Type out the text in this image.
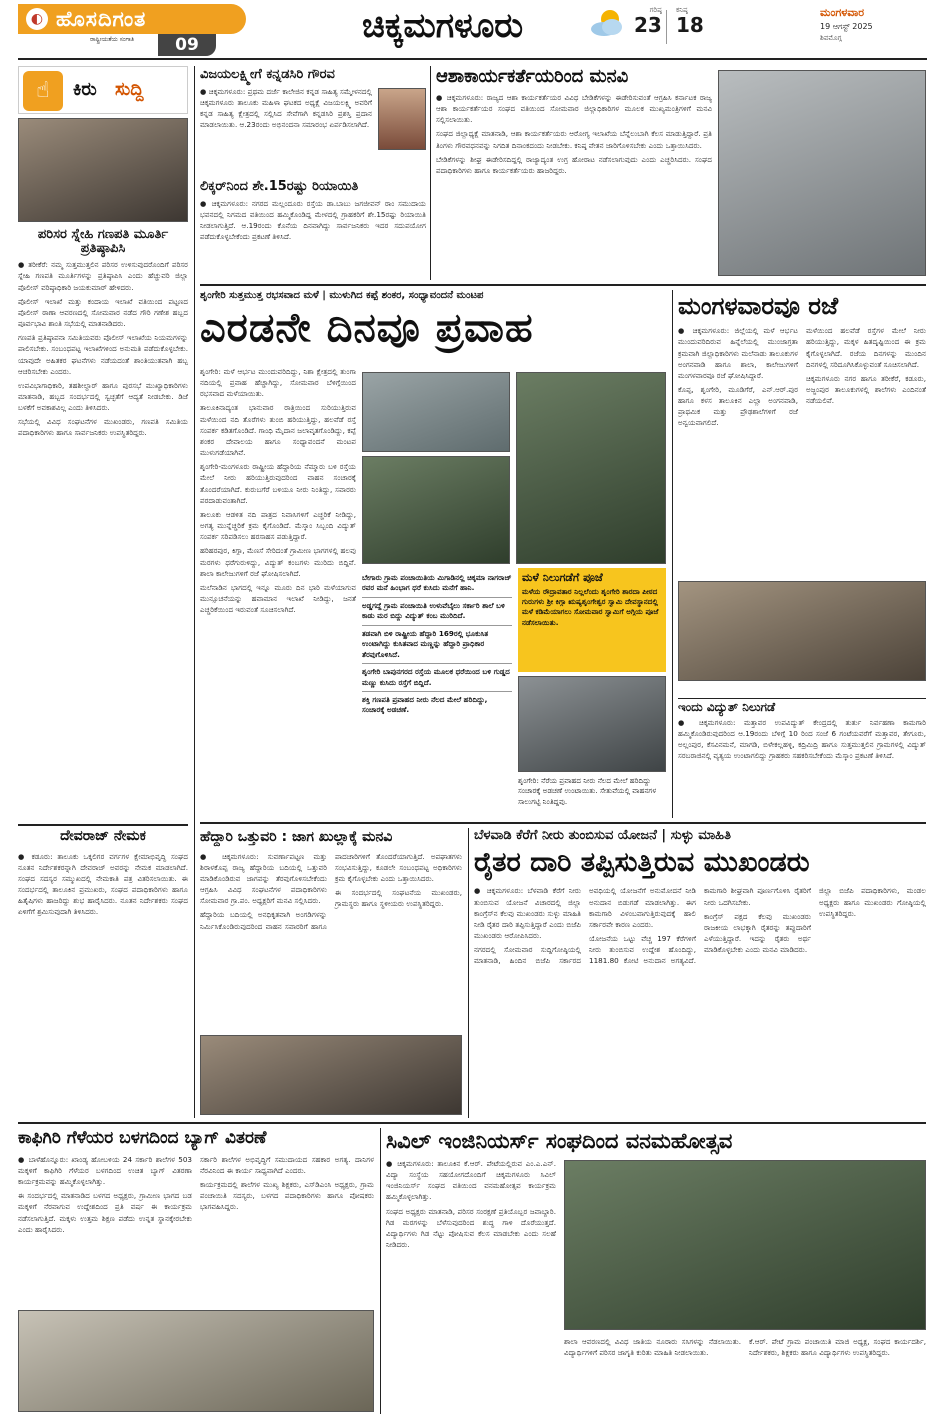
◐ ಹೊಸದಿಗಂತ
ರಾಷ್ಟ್ರೀಯತೆಯ ಸಂಗಾತಿ	09	ಚಿಕ್ಕಮಗಳೂರು	ಗರಿಷ್ಠ
23
ಕನಿಷ್ಠ
18
ಮಂಗಳವಾರ
19 ಆಗಸ್ಟ್ 2025
ಶಿವಮೊಗ್ಗ
☝	ಕಿರು ಸುದ್ದಿ
ಪರಿಸರ ಸ್ನೇಹಿ ಗಣಪತಿ ಮೂರ್ತಿ ಪ್ರತಿಷ್ಠಾಪಿಸಿ

● ತರೀಕೆರೆ: ನಮ್ಮ ಸುತ್ತಮುತ್ತಲಿನ ಪರಿಸರ ಉಳಿಸುವುದರೊಂದಿಗೆ ಪರಿಸರ ಸ್ನೇಹಿ ಗಣಪತಿ ಮೂರ್ತಿಗಳನ್ನು ಪ್ರತಿಷ್ಠಾಪಿಸಿ ಎಂದು ಹೆಚ್ಚುವರಿ ಜಿಲ್ಲಾ ಪೊಲೀಸ್ ವರಿಷ್ಠಾಧಿಕಾರಿ ಜಯಕುಮಾರ್ ಹೇಳಿದರು.

ಪೊಲೀಸ್ ಇಲಾಖೆ ಮತ್ತು ಕಂದಾಯ ಇಲಾಖೆ ವತಿಯಿಂದ ಪಟ್ಟಣದ ಪೊಲೀಸ್ ಠಾಣಾ ಆವರಣದಲ್ಲಿ ಸೋಮವಾರ ನಡೆದ ಗೌರಿ ಗಣೇಶ ಹಬ್ಬದ ಪೂರ್ವಭಾವಿ ಶಾಂತಿ ಸಭೆಯಲ್ಲಿ ಮಾತನಾಡಿದರು.

ಗಣಪತಿ ಪ್ರತಿಷ್ಠಾಪನಾ ಸಮಿತಿಯವರು ಪೊಲೀಸ್ ಇಲಾಖೆಯ ನಿಯಮಗಳನ್ನು ಪಾಲಿಸಬೇಕು. ಸಂಬಂಧಪಟ್ಟ ಇಲಾಖೆಗಳಿಂದ ಅನುಮತಿ ಪಡೆದುಕೊಳ್ಳಬೇಕು. ಯಾವುದೇ ಅಹಿತಕರ ಘಟನೆಗಳು ನಡೆಯದಂತೆ ಶಾಂತಿಯುತವಾಗಿ ಹಬ್ಬ ಆಚರಿಸಬೇಕು ಎಂದರು.

ಉಪವಿಭಾಗಾಧಿಕಾರಿ, ತಹಶೀಲ್ದಾರ್ ಹಾಗೂ ಪುರಸಭೆ ಮುಖ್ಯಾಧಿಕಾರಿಗಳು ಮಾತನಾಡಿ, ಹಬ್ಬದ ಸಂದರ್ಭದಲ್ಲಿ ಸ್ವಚ್ಛತೆಗೆ ಆದ್ಯತೆ ನೀಡಬೇಕು. ಡಿಜೆ ಬಳಕೆಗೆ ಅವಕಾಶವಿಲ್ಲ ಎಂದು ತಿಳಿಸಿದರು.

ಸಭೆಯಲ್ಲಿ ವಿವಿಧ ಸಂಘಟನೆಗಳ ಮುಖಂಡರು, ಗಣಪತಿ ಸಮಿತಿಯ ಪದಾಧಿಕಾರಿಗಳು ಹಾಗೂ ಸಾರ್ವಜನಿಕರು ಉಪಸ್ಥಿತರಿದ್ದರು.

ದೇವರಾಜ್ ನೇಮಕ
● ಕಡೂರು: ತಾಲೂಕು ಒಕ್ಕಲಿಗರ ವರ್ಗಗಳ ಕ್ಷೇಮಾಭಿವೃದ್ಧಿ ಸಂಘದ ನೂತನ ನಿರ್ದೇಶಕರನ್ನಾಗಿ ದೇವರಾಜ್ ಅವರನ್ನು ನೇಮಕ ಮಾಡಲಾಗಿದೆ. ಸಂಘದ ಸದಸ್ಯರ ಸಮ್ಮುಖದಲ್ಲಿ ನೇಮಕಾತಿ ಪತ್ರ ವಿತರಿಸಲಾಯಿತು. ಈ ಸಂದರ್ಭದಲ್ಲಿ ತಾಲೂಕಿನ ಪ್ರಮುಖರು, ಸಂಘದ ಪದಾಧಿಕಾರಿಗಳು ಹಾಗೂ ಹಿತೈಷಿಗಳು ಹಾಜರಿದ್ದು ಶುಭ ಹಾರೈಸಿದರು. ನೂತನ ನಿರ್ದೇಶಕರು ಸಂಘದ ಏಳಿಗೆಗೆ ಶ್ರಮಿಸುವುದಾಗಿ ತಿಳಿಸಿದರು.
ವಿಜಯಲಕ್ಷ್ಮೀಗೆ ಕನ್ನಡಸಿರಿ ಗೌರವ
● ಚಿಕ್ಕಮಗಳೂರು: ಪ್ರಥಮ ದರ್ಜೆ ಕಾಲೇಜಿನ ಕನ್ನಡ ಸಾಹಿತ್ಯ ಸಮ್ಮೇಳನದಲ್ಲಿ ಚಿಕ್ಕಮಗಳೂರು ತಾಲೂಕು ಮಹಿಳಾ ಘಟಕದ ಅಧ್ಯಕ್ಷೆ ವಿಜಯಲಕ್ಷ್ಮಿ ಅವರಿಗೆ ಕನ್ನಡ ಸಾಹಿತ್ಯ ಕ್ಷೇತ್ರದಲ್ಲಿ ಸಲ್ಲಿಸಿದ ಸೇವೆಗಾಗಿ ಕನ್ನಡಸಿರಿ ಪ್ರಶಸ್ತಿ ಪ್ರದಾನ ಮಾಡಲಾಯಿತು. ಆ.23ರಂದು ಅಭಿನಂದನಾ ಸಮಾರಂಭ ಏರ್ಪಡಿಸಲಾಗಿದೆ.
ಲಿಕ್ಕರ್‌ನಿಂದ ಶೇ.15ರಷ್ಟು ರಿಯಾಯಿತಿ
● ಚಿಕ್ಕಮಗಳೂರು: ನಗರದ ಮಲ್ಲಂದೂರು ರಸ್ತೆಯ ಡಾ.ಬಾಬು ಜಗಜೀವನ್ ರಾಂ ಸಮುದಾಯ ಭವನದಲ್ಲಿ ನಿಗಮದ ವತಿಯಿಂದ ಹಮ್ಮಿಕೊಂಡಿದ್ದ ಮೇಳದಲ್ಲಿ ಗ್ರಾಹಕರಿಗೆ ಶೇ.15ರಷ್ಟು ರಿಯಾಯಿತಿ ನೀಡಲಾಗುತ್ತಿದೆ. ಆ.19ರಂದು ಕೊನೆಯ ದಿನವಾಗಿದ್ದು ಸಾರ್ವಜನಿಕರು ಇದರ ಸದುಪಯೋಗ ಪಡೆದುಕೊಳ್ಳಬೇಕೆಂದು ಪ್ರಕಟಣೆ ತಿಳಿಸಿದೆ.
ಆಶಾಕಾರ್ಯಕರ್ತೆಯರಿಂದ ಮನವಿ

● ಚಿಕ್ಕಮಗಳೂರು: ರಾಜ್ಯದ ಆಶಾ ಕಾರ್ಯಕರ್ತೆಯರ ವಿವಿಧ ಬೇಡಿಕೆಗಳನ್ನು ಈಡೇರಿಸುವಂತೆ ಆಗ್ರಹಿಸಿ ಕರ್ನಾಟಕ ರಾಜ್ಯ ಆಶಾ ಕಾರ್ಯಕರ್ತೆಯರ ಸಂಘದ ವತಿಯಿಂದ ಸೋಮವಾರ ಜಿಲ್ಲಾಧಿಕಾರಿಗಳ ಮೂಲಕ ಮುಖ್ಯಮಂತ್ರಿಗಳಿಗೆ ಮನವಿ ಸಲ್ಲಿಸಲಾಯಿತು.

ಸಂಘದ ಜಿಲ್ಲಾಧ್ಯಕ್ಷೆ ಮಾತನಾಡಿ, ಆಶಾ ಕಾರ್ಯಕರ್ತೆಯರು ಆರೋಗ್ಯ ಇಲಾಖೆಯ ಬೆನ್ನೆಲುಬಾಗಿ ಕೆಲಸ ಮಾಡುತ್ತಿದ್ದಾರೆ. ಪ್ರತಿ ತಿಂಗಳು ಗೌರವಧನವನ್ನು ನಿಗದಿತ ದಿನಾಂಕದಂದು ನೀಡಬೇಕು. ಕನಿಷ್ಠ ವೇತನ ಜಾರಿಗೊಳಿಸಬೇಕು ಎಂದು ಒತ್ತಾಯಿಸಿದರು.

ಬೇಡಿಕೆಗಳನ್ನು ಶೀಘ್ರ ಈಡೇರಿಸದಿದ್ದಲ್ಲಿ ರಾಜ್ಯಾದ್ಯಂತ ಉಗ್ರ ಹೋರಾಟ ನಡೆಸಲಾಗುವುದು ಎಂದು ಎಚ್ಚರಿಸಿದರು. ಸಂಘದ ಪದಾಧಿಕಾರಿಗಳು ಹಾಗೂ ಕಾರ್ಯಕರ್ತೆಯರು ಹಾಜರಿದ್ದರು.

ಶೃಂಗೇರಿ ಸುತ್ತಮುತ್ತ ರಭಸವಾದ ಮಳೆ | ಮುಳುಗಿದ ಕಪ್ಪೆ ಶಂಕರ, ಸಂಧ್ಯಾವಂದನೆ ಮಂಟಪ
ಎರಡನೇ ದಿನವೂ ಪ್ರವಾಹ

ಶೃಂಗೇರಿ: ಮಳೆ ಆರ್ಭಟ ಮುಂದುವರಿದಿದ್ದು, ನಿಶಾ ಕ್ಷೇತ್ರದಲ್ಲಿ ತುಂಗಾ ನದಿಯಲ್ಲಿ ಪ್ರವಾಹ ಹೆಚ್ಚಾಗಿದ್ದು, ಸೋಮವಾರ ಬೆಳಿಗ್ಗೆಯಿಂದ ರಭಸವಾದ ಮಳೆಯಾಯಿತು.

ತಾಲೂಕಿನಾದ್ಯಂತ ಭಾನುವಾರ ರಾತ್ರಿಯಿಂದ ಸುರಿಯುತ್ತಿರುವ ಮಳೆಯಿಂದ ನದಿ ತೊರೆಗಳು ತುಂಬಿ ಹರಿಯುತ್ತಿದ್ದು, ಹಲವೆಡೆ ರಸ್ತೆ ಸಂಪರ್ಕ ಕಡಿತಗೊಂಡಿದೆ. ಗಾಂಧಿ ಮೈದಾನ ಜಲಾವೃತಗೊಂಡಿದ್ದು, ಕಪ್ಪೆ ಶಂಕರ ದೇವಾಲಯ ಹಾಗೂ ಸಂಧ್ಯಾವಂದನೆ ಮಂಟಪ ಮುಳುಗಡೆಯಾಗಿವೆ.

ಶೃಂಗೇರಿ-ಮಂಗಳೂರು ರಾಷ್ಟ್ರೀಯ ಹೆದ್ದಾರಿಯ ನೆಮ್ಮಾರು ಬಳಿ ರಸ್ತೆಯ ಮೇಲೆ ನೀರು ಹರಿಯುತ್ತಿರುವುದರಿಂದ ವಾಹನ ಸಂಚಾರಕ್ಕೆ ತೊಂದರೆಯಾಗಿದೆ. ಕುರುಬಗೆರೆ ಬಳಿಯೂ ನೀರು ನಿಂತಿದ್ದು, ಸವಾರರು ಪರದಾಡುವಂತಾಗಿದೆ.

ತಾಲೂಕು ಆಡಳಿತ ನದಿ ಪಾತ್ರದ ನಿವಾಸಿಗಳಿಗೆ ಎಚ್ಚರಿಕೆ ನೀಡಿದ್ದು, ಅಗತ್ಯ ಮುನ್ನೆಚ್ಚರಿಕೆ ಕ್ರಮ ಕೈಗೊಂಡಿದೆ. ಮೆಸ್ಕಾಂ ಸಿಬ್ಬಂದಿ ವಿದ್ಯುತ್ ಸಂಪರ್ಕ ಸರಿಪಡಿಸಲು ಹರಸಾಹಸ ಪಡುತ್ತಿದ್ದಾರೆ.

ಹರಿಹರಪುರ, ಕಿಗ್ಗಾ, ಮೆಣಸೆ ಸೇರಿದಂತೆ ಗ್ರಾಮೀಣ ಭಾಗಗಳಲ್ಲಿ ಹಲವು ಮರಗಳು ಧರೆಗುರುಳಿದ್ದು, ವಿದ್ಯುತ್ ಕಂಬಗಳು ಮುರಿದು ಬಿದ್ದಿವೆ. ಶಾಲಾ ಕಾಲೇಜುಗಳಿಗೆ ರಜೆ ಘೋಷಿಸಲಾಗಿದೆ.

ಮಲೆನಾಡಿನ ಭಾಗದಲ್ಲಿ ಇನ್ನೂ ಮೂರು ದಿನ ಭಾರಿ ಮಳೆಯಾಗುವ ಮುನ್ಸೂಚನೆಯನ್ನು ಹವಾಮಾನ ಇಲಾಖೆ ನೀಡಿದ್ದು, ಜನತೆ ಎಚ್ಚರಿಕೆಯಿಂದ ಇರುವಂತೆ ಸೂಚಿಸಲಾಗಿದೆ.

ಬೇಗಾರು ಗ್ರಾಮ ಪಂಚಾಯಿತಿಯ ಮಿಗಾಡಿನಲ್ಲಿ ಚಿಕ್ಕಮಾ ನಾಗರಾಜ್ ರವರ ಮನೆ ಹಿಂಭಾಗ ಧರೆ ಕುಸಿದು ಮನೆಗೆ ಹಾನಿ.
ಅಡ್ಡಗದ್ದೆ ಗ್ರಾಮ ಪಂಚಾಯಿತಿ ಉಳುವೆಬೈಲು ಸರ್ಕಾರಿ ಶಾಲೆ ಬಳಿ ಕಾಡು ಮರ ಬಿದ್ದು ವಿದ್ಯುತ್ ಕಂಬ ಮುರಿದಿದೆ.
ತಡವಾಗಿ ಬಿಳಿ ರಾಷ್ಟ್ರೀಯ ಹೆದ್ದಾರಿ 169ರಲ್ಲಿ ಭೂಕುಸಿತ ಉಂಟಾಗಿದ್ದು ಕುಸಿತವಾದ ಮಣ್ಣನ್ನು ಹೆದ್ದಾರಿ ಪ್ರಾಧಿಕಾರ ತೆರವುಗೊಳಿಸಿದೆ.
ಶೃಂಗೇರಿ ಬಾಪುನಗರದ ರಸ್ತೆಯ ಮೂಲಕ ಧರೆಯಿಂದ ಬಳಿ ಗುಡ್ಡದ ಮಣ್ಣು ಕುಸಿದು ರಸ್ತೆಗೆ ಬಿದ್ದಿದೆ.
ಶಕ್ತಿ ಗಣಪತಿ ಪ್ರವಾಹದ ನೀರು ನೆಲದ ಮೇಲೆ ಹರಿದಿದ್ದು, ಸಂಚಾರಕ್ಕೆ ಅಡಚಣೆ.
ಮಳೆ ನಿಲುಗಡೆಗೆ ಪೂಜೆ
ಮಳೆಯ ರೌದ್ರಾವತಾರ ನಿಲ್ಲಲೆಂದು ಶೃಂಗೇರಿ ಶಾರದಾ ಪೀಠದ ಗುರುಗಳು ಶ್ರೀ ಕಿಗ್ಗಾ ಋಷ್ಯಶೃಂಗೇಶ್ವರ ಸ್ವಾಮಿ ದೇವಸ್ಥಾನದಲ್ಲಿ ಮಳೆ ಕಡಿಮೆಯಾಗಲು ಸೋಮವಾರ ಸ್ವಾಮಿಗೆ ಅಗ್ಗಿಯ ಪೂಜೆ ನಡೆಸಲಾಯಿತು.
ಶೃಂಗೇರಿ: ನೆರೆಯ ಪ್ರವಾಹದ ನೀರು ನೆಲದ ಮೇಲೆ ಹರಿದಿದ್ದು ಸಂಚಾರಕ್ಕೆ ಅಡಚಣೆ ಉಂಟಾಯಿತು. ಸೇತುವೆಯಲ್ಲಿ ವಾಹನಗಳ ಸಾಲುಗಟ್ಟಿ ನಿಂತಿದ್ದವು.
ಮಂಗಳವಾರವೂ ರಜೆ

● ಚಿಕ್ಕಮಗಳೂರು: ಜಿಲ್ಲೆಯಲ್ಲಿ ಮಳೆ ಆರ್ಭಟ ಮುಂದುವರಿದಿರುವ ಹಿನ್ನೆಲೆಯಲ್ಲಿ ಮುಂಜಾಗ್ರತಾ ಕ್ರಮವಾಗಿ ಜಿಲ್ಲಾಧಿಕಾರಿಗಳು ಮಲೆನಾಡು ತಾಲೂಕುಗಳ ಅಂಗನವಾಡಿ ಹಾಗೂ ಶಾಲಾ, ಕಾಲೇಜುಗಳಿಗೆ ಮಂಗಳವಾರವೂ ರಜೆ ಘೋಷಿಸಿದ್ದಾರೆ.

ಕೊಪ್ಪ, ಶೃಂಗೇರಿ, ಮೂಡಿಗೆರೆ, ಎನ್.ಆರ್.ಪುರ ಹಾಗೂ ಕಳಸ ತಾಲೂಕಿನ ಎಲ್ಲಾ ಅಂಗನವಾಡಿ, ಪ್ರಾಥಮಿಕ ಮತ್ತು ಪ್ರೌಢಶಾಲೆಗಳಿಗೆ ರಜೆ ಅನ್ವಯವಾಗಲಿದೆ.

ಮಳೆಯಿಂದ ಹಲವೆಡೆ ರಸ್ತೆಗಳ ಮೇಲೆ ನೀರು ಹರಿಯುತ್ತಿದ್ದು, ಮಕ್ಕಳ ಹಿತದೃಷ್ಟಿಯಿಂದ ಈ ಕ್ರಮ ಕೈಗೊಳ್ಳಲಾಗಿದೆ. ರಜೆಯ ದಿನಗಳನ್ನು ಮುಂದಿನ ದಿನಗಳಲ್ಲಿ ಸರಿದೂಗಿಸಿಕೊಳ್ಳುವಂತೆ ಸೂಚಿಸಲಾಗಿದೆ.

ಚಿಕ್ಕಮಗಳೂರು ನಗರ ಹಾಗೂ ತರೀಕೆರೆ, ಕಡೂರು, ಅಜ್ಜಂಪುರ ತಾಲೂಕುಗಳಲ್ಲಿ ಶಾಲೆಗಳು ಎಂದಿನಂತೆ ನಡೆಯಲಿವೆ.

ಇಂದು ವಿದ್ಯುತ್ ನಿಲುಗಡೆ
● ಚಿಕ್ಕಮಗಳೂರು: ಮತ್ತಾವರ ಉಪವಿದ್ಯುತ್ ಕೇಂದ್ರದಲ್ಲಿ ತುರ್ತು ನಿರ್ವಹಣಾ ಕಾಮಗಾರಿ ಹಮ್ಮಿಕೊಂಡಿರುವುದರಿಂದ ಆ.19ರಂದು ಬೆಳಿಗ್ಗೆ 10 ರಿಂದ ಸಂಜೆ 6 ಗಂಟೆಯವರೆಗೆ ಮತ್ತಾವರ, ತೇಗೂರು, ಅಲ್ಲಂಪುರ, ಕೆಸವಿನಮನೆ, ಮಾಗಡಿ, ಬಿಳೇಕಲ್ಲಹಳ್ಳಿ, ಕದ್ರಿಮಿದ್ರಿ ಹಾಗೂ ಸುತ್ತಮುತ್ತಲಿನ ಗ್ರಾಮಗಳಲ್ಲಿ ವಿದ್ಯುತ್ ಸರಬರಾಜಿನಲ್ಲಿ ವ್ಯತ್ಯಯ ಉಂಟಾಗಲಿದ್ದು ಗ್ರಾಹಕರು ಸಹಕರಿಸಬೇಕೆಂದು ಮೆಸ್ಕಾಂ ಪ್ರಕಟಣೆ ತಿಳಿಸಿದೆ.
ಹೆದ್ದಾರಿ ಒತ್ತುವರಿ : ಜಾಗ ಖುಲ್ಲಾಕ್ಕೆ ಮನವಿ

● ಚಿಕ್ಕಮಗಳೂರು: ಸುವರ್ಣಾಪಟ್ಟಣ ಮತ್ತು ಶಿರಾಳಕೊಪ್ಪ ರಾಜ್ಯ ಹೆದ್ದಾರಿಯ ಬದಿಯಲ್ಲಿ ಒತ್ತುವರಿ ಮಾಡಿಕೊಂಡಿರುವ ಜಾಗವನ್ನು ತೆರವುಗೊಳಿಸಬೇಕೆಂದು ಆಗ್ರಹಿಸಿ ವಿವಿಧ ಸಂಘಟನೆಗಳ ಪದಾಧಿಕಾರಿಗಳು ಸೋಮವಾರ ಗ್ರಾ.ಪಂ. ಅಧ್ಯಕ್ಷರಿಗೆ ಮನವಿ ಸಲ್ಲಿಸಿದರು.

ಹೆದ್ದಾರಿಯ ಬದಿಯಲ್ಲಿ ಅನಧಿಕೃತವಾಗಿ ಅಂಗಡಿಗಳನ್ನು ನಿರ್ಮಿಸಿಕೊಂಡಿರುವುದರಿಂದ ವಾಹನ ಸವಾರರಿಗೆ ಹಾಗೂ ಪಾದಚಾರಿಗಳಿಗೆ ತೊಂದರೆಯಾಗುತ್ತಿದೆ. ಅಪಘಾತಗಳು ಸಂಭವಿಸುತ್ತಿದ್ದು, ಕೂಡಲೇ ಸಂಬಂಧಪಟ್ಟ ಅಧಿಕಾರಿಗಳು ಕ್ರಮ ಕೈಗೊಳ್ಳಬೇಕು ಎಂದು ಒತ್ತಾಯಿಸಿದರು.

ಈ ಸಂದರ್ಭದಲ್ಲಿ ಸಂಘಟನೆಯ ಮುಖಂಡರು, ಗ್ರಾಮಸ್ಥರು ಹಾಗೂ ಸ್ಥಳೀಯರು ಉಪಸ್ಥಿತರಿದ್ದರು.

ಬೆಳವಾಡಿ ಕೆರೆಗೆ ನೀರು ತುಂಬಿಸುವ ಯೋಜನೆ | ಸುಳ್ಳು ಮಾಹಿತಿ
ರೈತರ ದಾರಿ ತಪ್ಪಿಸುತ್ತಿರುವ ಮುಖಂಡರು

● ಚಿಕ್ಕಮಗಳೂರು: ಬೆಳವಾಡಿ ಕೆರೆಗೆ ನೀರು ತುಂಬಿಸುವ ಯೋಜನೆ ವಿಚಾರದಲ್ಲಿ ಜಿಲ್ಲಾ ಕಾಂಗ್ರೆಸ್‌ನ ಕೆಲವು ಮುಖಂಡರು ಸುಳ್ಳು ಮಾಹಿತಿ ನೀಡಿ ರೈತರ ದಾರಿ ತಪ್ಪಿಸುತ್ತಿದ್ದಾರೆ ಎಂದು ಬಿಜೆಪಿ ಮುಖಂಡರು ಆರೋಪಿಸಿದರು.

ನಗರದಲ್ಲಿ ಸೋಮವಾರ ಸುದ್ದಿಗೋಷ್ಠಿಯಲ್ಲಿ ಮಾತನಾಡಿ, ಹಿಂದಿನ ಬಿಜೆಪಿ ಸರ್ಕಾರದ ಅವಧಿಯಲ್ಲಿ ಯೋಜನೆಗೆ ಅನುಮೋದನೆ ನೀಡಿ ಅನುದಾನ ಬಿಡುಗಡೆ ಮಾಡಲಾಗಿತ್ತು. ಈಗ ಕಾಮಗಾರಿ ವಿಳಂಬವಾಗುತ್ತಿರುವುದಕ್ಕೆ ಹಾಲಿ ಸರ್ಕಾರವೇ ಕಾರಣ ಎಂದರು.

ಯೋಜನೆಯ ಒಟ್ಟು ವೆಚ್ಚ 197 ಕೆರೆಗಳಿಗೆ ನೀರು ತುಂಬಿಸುವ ಉದ್ದೇಶ ಹೊಂದಿದ್ದು, 1181.80 ಕೋಟಿ ಅನುದಾನ ಅಗತ್ಯವಿದೆ. ಕಾಮಗಾರಿ ಶೀಘ್ರವಾಗಿ ಪೂರ್ಣಗೊಳಿಸಿ ರೈತರಿಗೆ ನೀರು ಒದಗಿಸಬೇಕು.

ಕಾಂಗ್ರೆಸ್ ಪಕ್ಷದ ಕೆಲವು ಮುಖಂಡರು ರಾಜಕೀಯ ಲಾಭಕ್ಕಾಗಿ ರೈತರನ್ನು ತಪ್ಪುದಾರಿಗೆ ಎಳೆಯುತ್ತಿದ್ದಾರೆ. ಇದನ್ನು ರೈತರು ಅರ್ಥ ಮಾಡಿಕೊಳ್ಳಬೇಕು ಎಂದು ಮನವಿ ಮಾಡಿದರು.

ಜಿಲ್ಲಾ ಬಿಜೆಪಿ ಪದಾಧಿಕಾರಿಗಳು, ಮಂಡಲ ಅಧ್ಯಕ್ಷರು ಹಾಗೂ ಮುಖಂಡರು ಗೋಷ್ಠಿಯಲ್ಲಿ ಉಪಸ್ಥಿತರಿದ್ದರು.

ಕಾಫಿಗಿರಿ ಗೆಳೆಯರ ಬಳಗದಿಂದ ಬ್ಯಾಗ್ ವಿತರಣೆ

● ಬಾಳೆಹೊನ್ನೂರು: ಖಾಂಡ್ಯ ಹೋಬಳಿಯ 24 ಸರ್ಕಾರಿ ಶಾಲೆಗಳ 503 ಮಕ್ಕಳಿಗೆ ಕಾಫಿಗಿರಿ ಗೆಳೆಯರ ಬಳಗದಿಂದ ಉಚಿತ ಬ್ಯಾಗ್ ವಿತರಣಾ ಕಾರ್ಯಕ್ರಮವನ್ನು ಹಮ್ಮಿಕೊಳ್ಳಲಾಗಿತ್ತು.

ಈ ಸಂದರ್ಭದಲ್ಲಿ ಮಾತನಾಡಿದ ಬಳಗದ ಅಧ್ಯಕ್ಷರು, ಗ್ರಾಮೀಣ ಭಾಗದ ಬಡ ಮಕ್ಕಳಿಗೆ ನೆರವಾಗುವ ಉದ್ದೇಶದಿಂದ ಪ್ರತಿ ವರ್ಷ ಈ ಕಾರ್ಯಕ್ರಮ ನಡೆಸಲಾಗುತ್ತಿದೆ. ಮಕ್ಕಳು ಉತ್ತಮ ಶಿಕ್ಷಣ ಪಡೆದು ಉನ್ನತ ಸ್ಥಾನಕ್ಕೇರಬೇಕು ಎಂದು ಹಾರೈಸಿದರು.

ಸರ್ಕಾರಿ ಶಾಲೆಗಳ ಅಭಿವೃದ್ಧಿಗೆ ಸಮುದಾಯದ ಸಹಕಾರ ಅಗತ್ಯ. ದಾನಿಗಳ ನೆರವಿನಿಂದ ಈ ಕಾರ್ಯ ಸಾಧ್ಯವಾಗಿದೆ ಎಂದರು.

ಕಾರ್ಯಕ್ರಮದಲ್ಲಿ ಶಾಲೆಗಳ ಮುಖ್ಯ ಶಿಕ್ಷಕರು, ಎಸ್‌ಡಿಎಂಸಿ ಅಧ್ಯಕ್ಷರು, ಗ್ರಾಮ ಪಂಚಾಯಿತಿ ಸದಸ್ಯರು, ಬಳಗದ ಪದಾಧಿಕಾರಿಗಳು ಹಾಗೂ ಪೋಷಕರು ಭಾಗವಹಿಸಿದ್ದರು.

ಸಿವಿಲ್ ಇಂಜಿನಿಯರ್ಸ್ ಸಂಘದಿಂದ ವನಮಹೋತ್ಸವ

● ಚಿಕ್ಕಮಗಳೂರು: ತಾಲೂಕಿನ ಕೆ.ಆರ್. ಪೇಟೆಯಲ್ಲಿರುವ ಎಂ.ಎ.ಎನ್. ವಿದ್ಯಾ ಸಂಸ್ಥೆಯ ಸಹಯೋಗದೊಂದಿಗೆ ಚಿಕ್ಕಮಗಳೂರು ಸಿವಿಲ್ ಇಂಜಿನಿಯರ್ಸ್ ಸಂಘದ ವತಿಯಿಂದ ವನಮಹೋತ್ಸವ ಕಾರ್ಯಕ್ರಮ ಹಮ್ಮಿಕೊಳ್ಳಲಾಗಿತ್ತು.

ಸಂಘದ ಅಧ್ಯಕ್ಷರು ಮಾತನಾಡಿ, ಪರಿಸರ ಸಂರಕ್ಷಣೆ ಪ್ರತಿಯೊಬ್ಬರ ಜವಾಬ್ದಾರಿ. ಗಿಡ ಮರಗಳನ್ನು ಬೆಳೆಸುವುದರಿಂದ ಶುದ್ಧ ಗಾಳಿ ದೊರೆಯುತ್ತದೆ. ವಿದ್ಯಾರ್ಥಿಗಳು ಗಿಡ ನೆಟ್ಟು ಪೋಷಿಸುವ ಕೆಲಸ ಮಾಡಬೇಕು ಎಂದು ಸಲಹೆ ನೀಡಿದರು.

ಶಾಲಾ ಆವರಣದಲ್ಲಿ ವಿವಿಧ ಜಾತಿಯ ನೂರಾರು ಸಸಿಗಳನ್ನು ನೆಡಲಾಯಿತು. ವಿದ್ಯಾರ್ಥಿಗಳಿಗೆ ಪರಿಸರ ಜಾಗೃತಿ ಕುರಿತು ಮಾಹಿತಿ ನೀಡಲಾಯಿತು.

ಕೆ.ಆರ್. ಪೇಟೆ ಗ್ರಾಮ ಪಂಚಾಯಿತಿ ಮಾಜಿ ಅಧ್ಯಕ್ಷ, ಸಂಘದ ಕಾರ್ಯದರ್ಶಿ, ನಿರ್ದೇಶಕರು, ಶಿಕ್ಷಕರು ಹಾಗೂ ವಿದ್ಯಾರ್ಥಿಗಳು ಉಪಸ್ಥಿತರಿದ್ದರು.
